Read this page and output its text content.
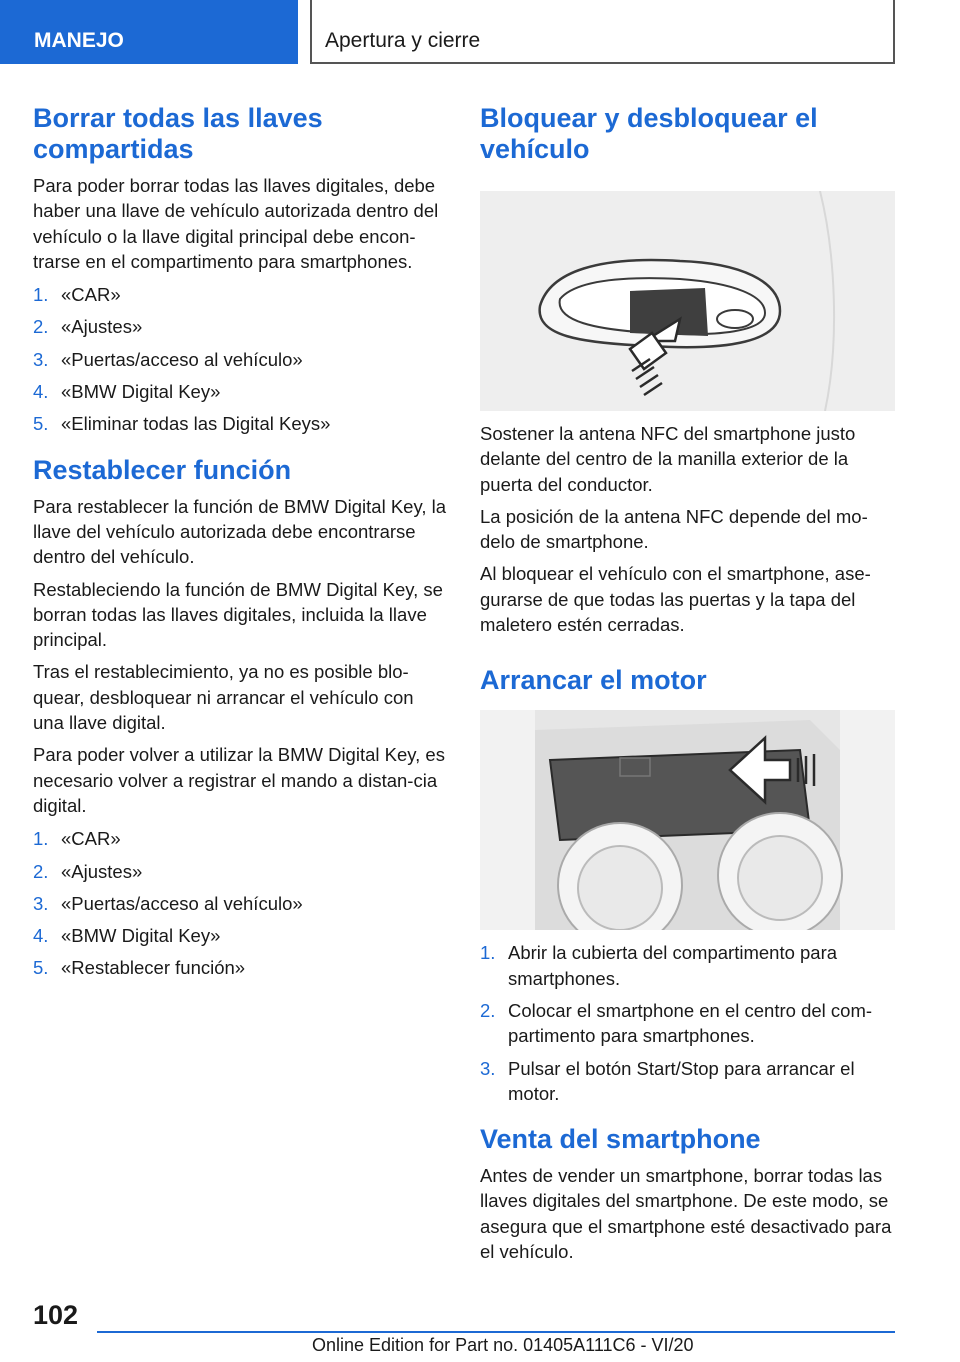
MANEJO	Apertura y cierre
Borrar todas las llaves compartidas

Para poder borrar todas las llaves digitales, debe haber una llave de vehículo autorizada dentro del vehículo o la llave digital principal debe encon-trarse en el compartimento para smartphones.

1. «CAR»
2. «Ajustes»
3. «Puertas/acceso al vehículo»
4. «BMW Digital Key»
5. «Eliminar todas las Digital Keys»
Restablecer función

Para restablecer la función de BMW Digital Key, la llave del vehículo autorizada debe encontrarse dentro del vehículo.

Restableciendo la función de BMW Digital Key, se borran todas las llaves digitales, incluida la llave principal.

Tras el restablecimiento, ya no es posible blo-quear, desbloquear ni arrancar el vehículo con una llave digital.

Para poder volver a utilizar la BMW Digital Key, es necesario volver a registrar el mando a distan-cia digital.

1. «CAR»
2. «Ajustes»
3. «Puertas/acceso al vehículo»
4. «BMW Digital Key»
5. «Restablecer función»
Bloquear y desbloquear el vehículo

Sostener la antena NFC del smartphone justo delante del centro de la manilla exterior de la puerta del conductor.

La posición de la antena NFC depende del mo-delo de smartphone.

Al bloquear el vehículo con el smartphone, ase-gurarse de que todas las puertas y la tapa del maletero estén cerradas.

Arrancar el motor
1. Abrir la cubierta del compartimento para smartphones.
2. Colocar el smartphone en el centro del com-partimento para smartphones.
3. Pulsar el botón Start/Stop para arrancar el motor.
Venta del smartphone

Antes de vender un smartphone, borrar todas las llaves digitales del smartphone. De este modo, se asegura que el smartphone esté desactivado para el vehículo.

102
Online Edition for Part no. 01405A111C6 - VI/20
